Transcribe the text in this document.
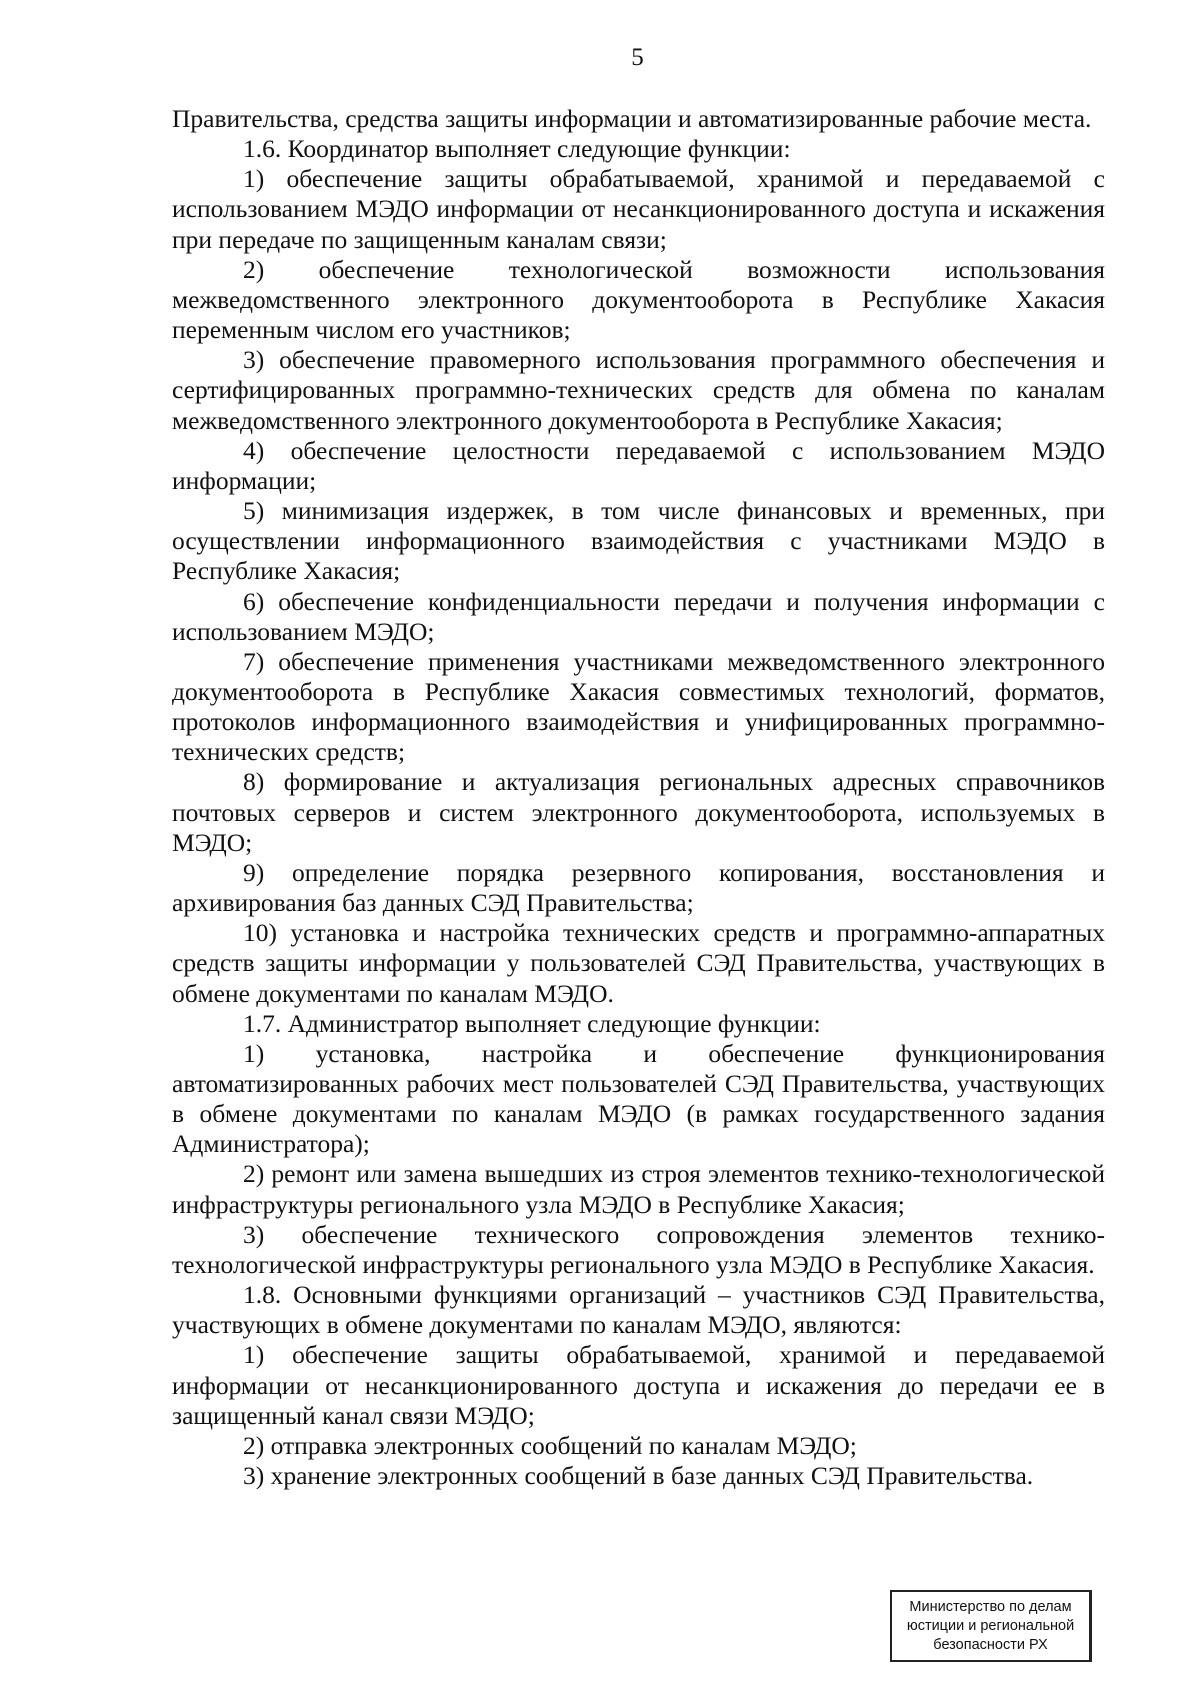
5

Правительства, средства защиты информации и автоматизированные рабочие места.

1.6. Координатор выполняет следующие функции:

1) обеспечение защиты обрабатываемой, хранимой и передаваемой с использованием МЭДО информации от несанкционированного доступа и искажения при передаче по защищенным каналам связи;

2) обеспечение технологической возможности использования межведомственного электронного документооборота в Республике Хакасия переменным числом его участников;

3) обеспечение правомерного использования программного обеспечения и сертифицированных программно-технических средств для обмена по каналам межведомственного электронного документооборота в Республике Хакасия;

4) обеспечение целостности передаваемой с использованием МЭДО информации;

5) минимизация издержек, в том числе финансовых и временных, при осуществлении информационного взаимодействия с участниками МЭДО в Республике Хакасия;

6) обеспечение конфиденциальности передачи и получения информации с использованием МЭДО;

7) обеспечение применения участниками межведомственного электронного документооборота в Республике Хакасия совместимых технологий, форматов, протоколов информационного взаимодействия и унифицированных программно-технических средств;

8) формирование и актуализация региональных адресных справочников почтовых серверов и систем электронного документооборота, используемых в МЭДО;

9) определение порядка резервного копирования, восстановления и архивирования баз данных СЭД Правительства;

10) установка и настройка технических средств и программно-аппаратных средств защиты информации у пользователей СЭД Правительства, участвующих в обмене документами по каналам МЭДО.

1.7. Администратор выполняет следующие функции:

1) установка, настройка и обеспечение функционирования автоматизированных рабочих мест пользователей СЭД Правительства, участвующих в обмене документами по каналам МЭДО (в рамках государственного задания Администратора);

2) ремонт или замена вышедших из строя элементов технико-технологической инфраструктуры регионального узла МЭДО в Республике Хакасия;

3) обеспечение технического сопровождения элементов технико-технологической инфраструктуры регионального узла МЭДО в Республике Хакасия.

1.8. Основными функциями организаций – участников СЭД Правительства, участвующих в обмене документами по каналам МЭДО, являются:

1) обеспечение защиты обрабатываемой, хранимой и передаваемой информации от несанкционированного доступа и искажения до передачи ее в защищенный канал связи МЭДО;

2) отправка электронных сообщений по каналам МЭДО;

3) хранение электронных сообщений в базе данных СЭД Правительства.

Министерство по делам
юстиции и региональной
безопасности РХ
